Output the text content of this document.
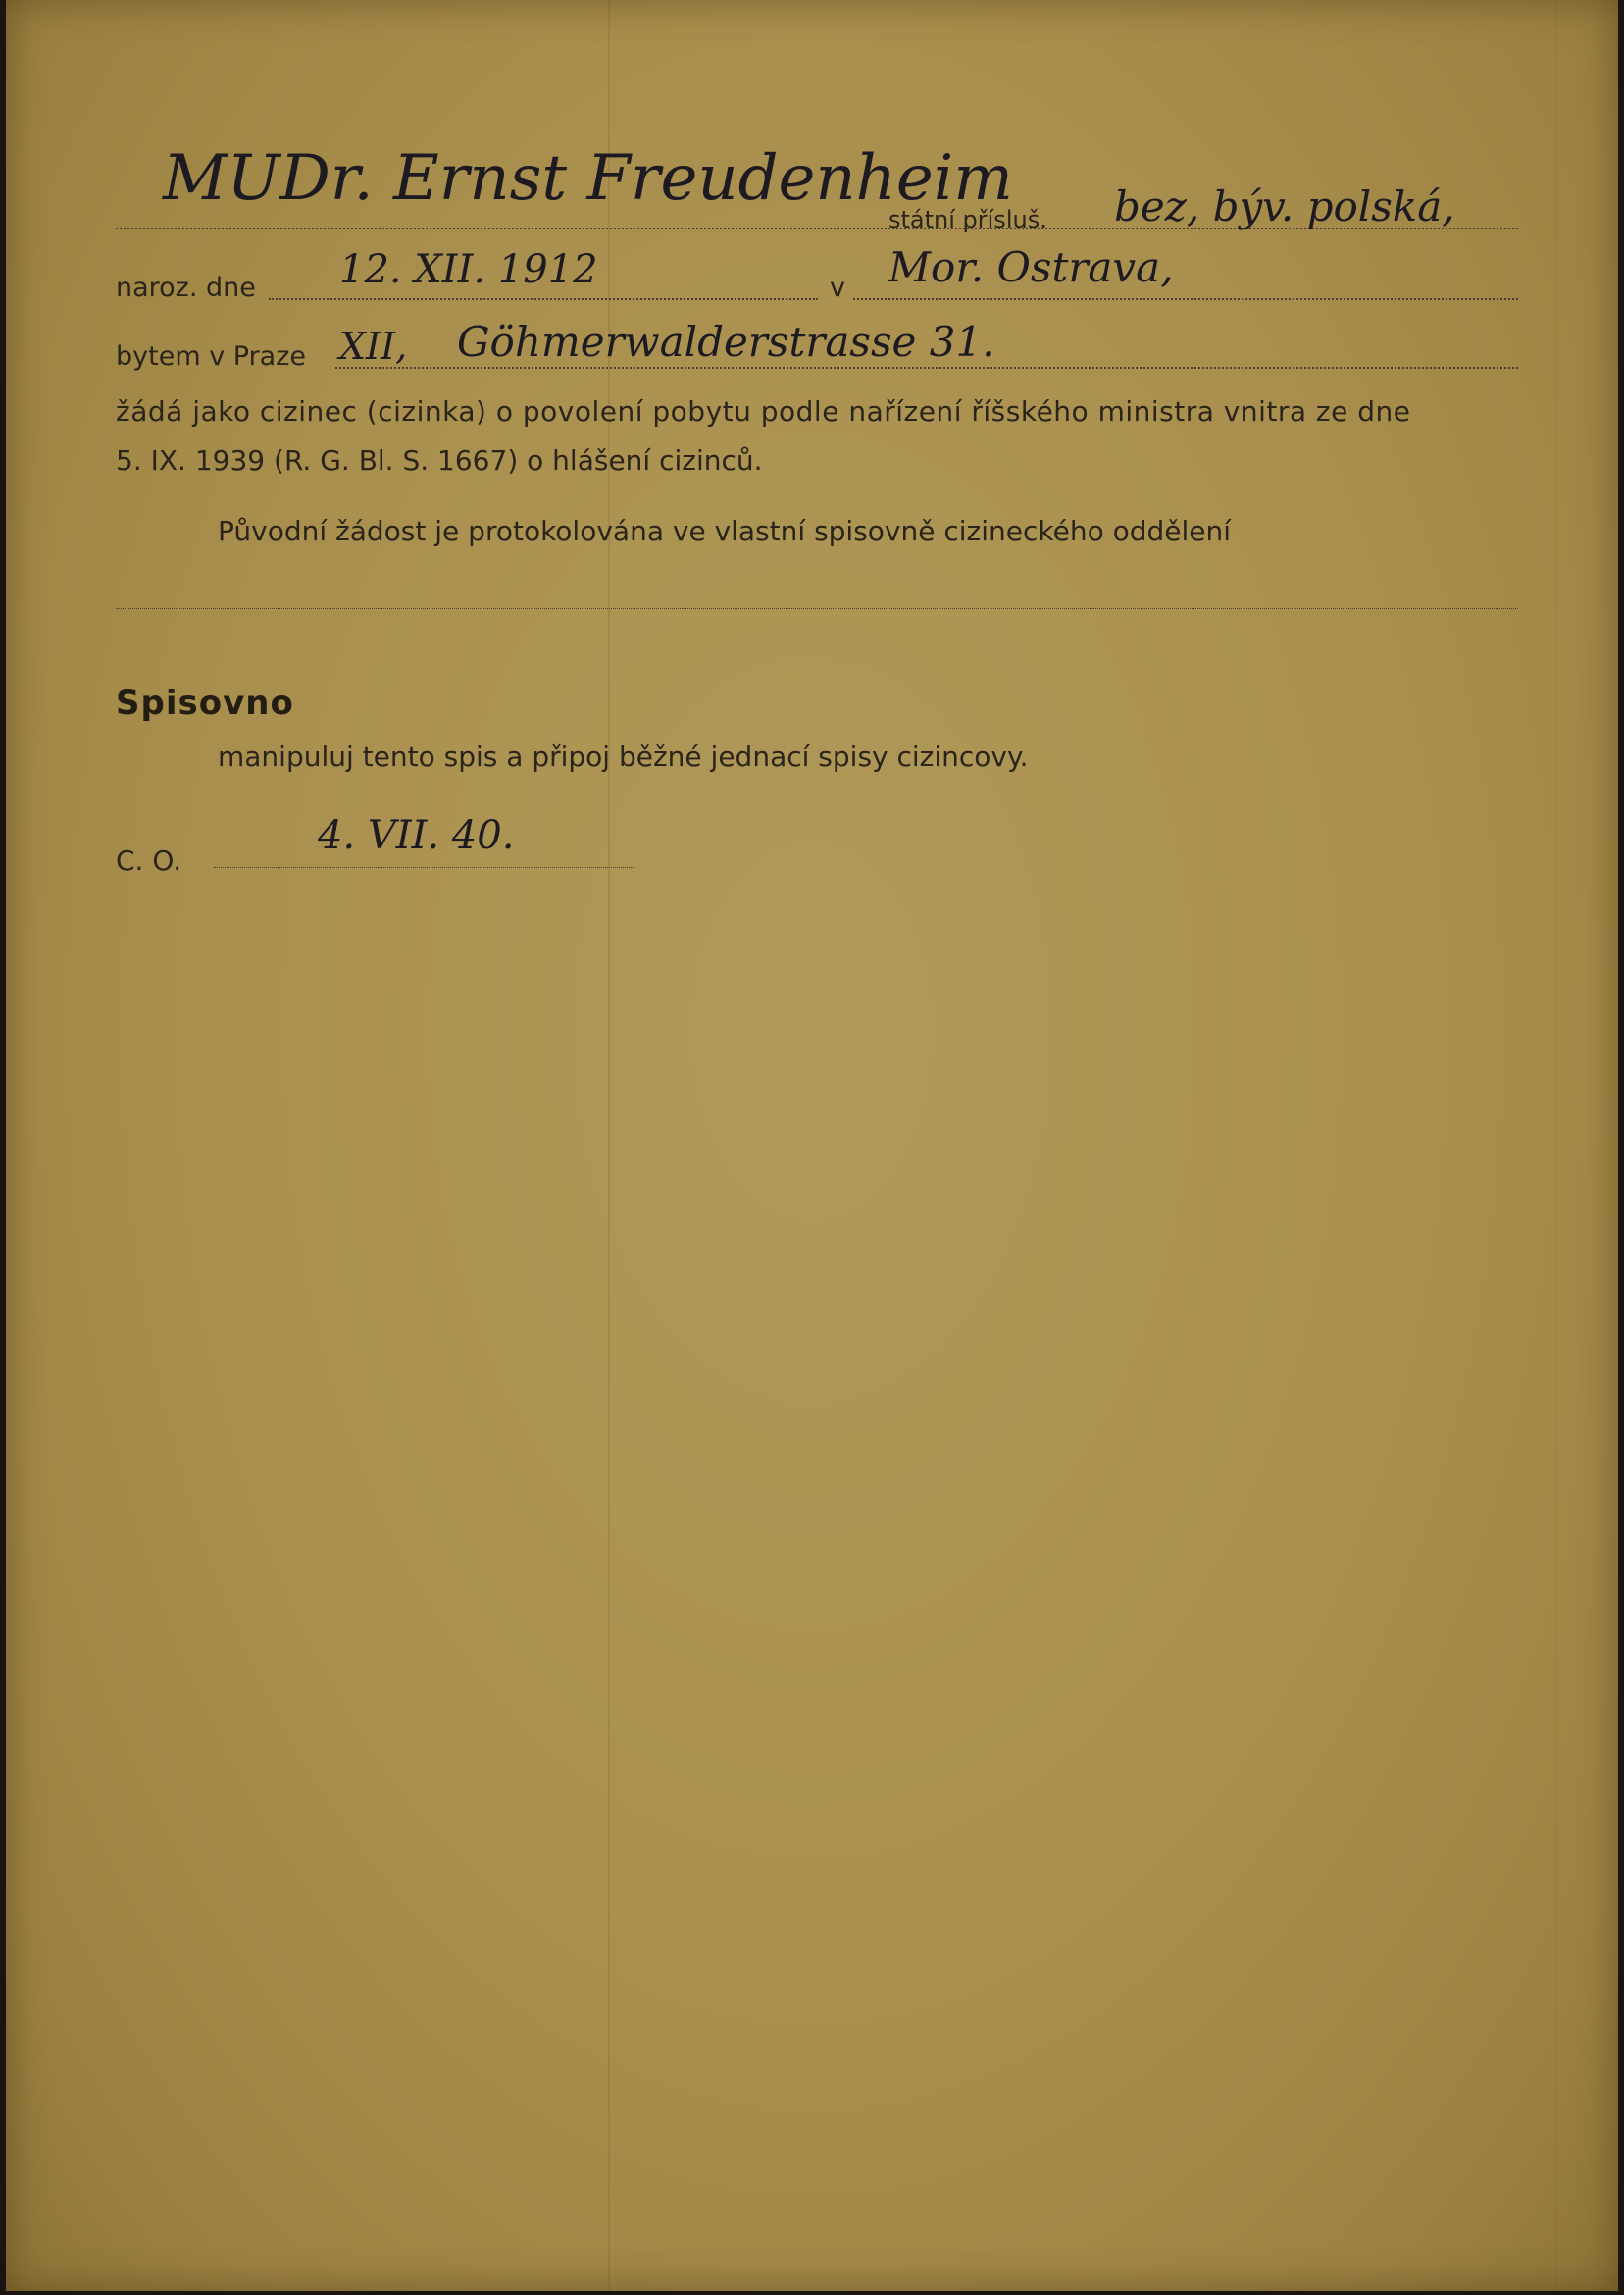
MUDr. Ernst Freudenheim
státní přísluš. bez, býv. polská,
naroz. dne 12. XII. 1912	v Mor. Ostrava,
bytem v Praze XII, Göhmerwalderstrasse 31.
žádá jako cizinec (cizinka) o povolení pobytu podle nařízení říšského ministra vnitra ze dne
5. IX. 1939 (R. G. Bl. S. 1667) o hlášení cizinců.
Původní žádost je protokolována ve vlastní spisovně cizineckého oddělení
Spisovno
manipuluj tento spis a připoj běžné jednací spisy cizincovy.
C. O.
4. VII. 40.
